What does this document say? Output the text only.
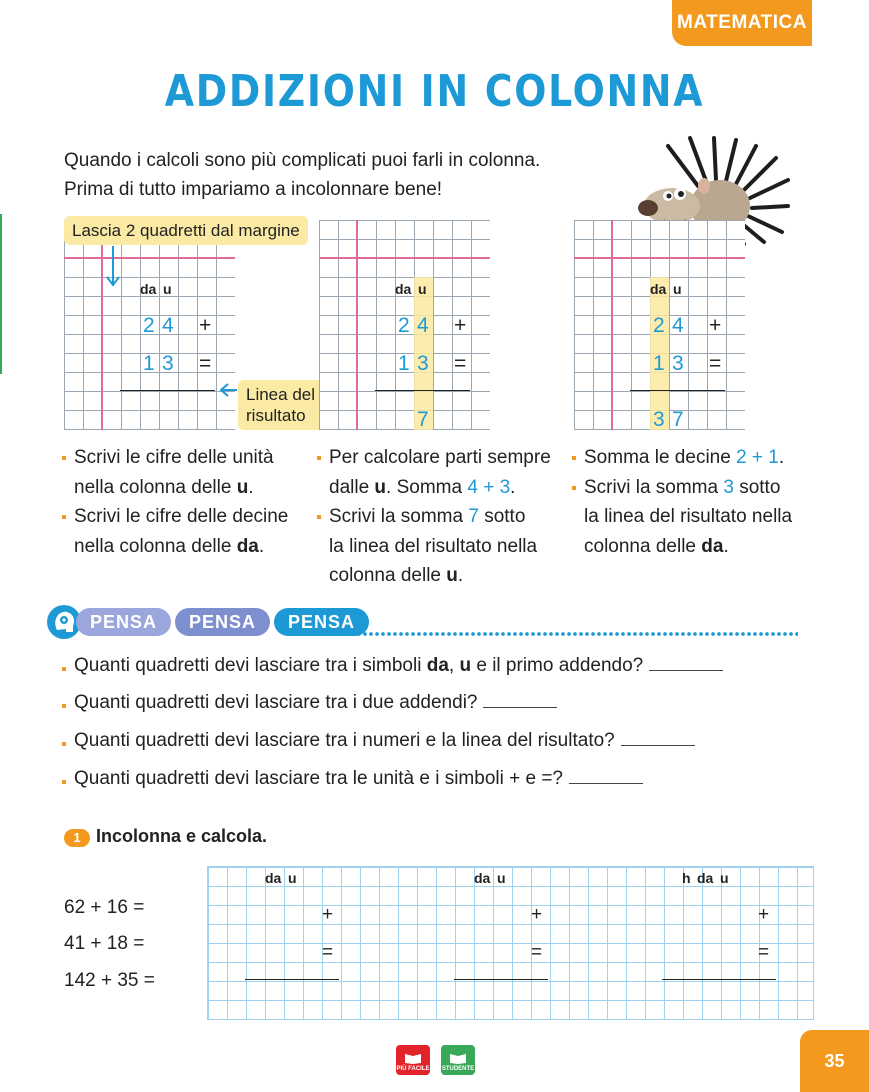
MATEMATICA
ADDIZIONI IN COLONNA
Quando i calcoli sono più complicati puoi farli in colonna.
Prima di tutto impariamo a incolonnare bene!
Lascia 2 quadretti dal margine
da u
2 4 +
1 3 =
Linea del
risultato
da u
2 4 +
1 3 =
7
da u
2 4 +
1 3 =
3 7
Scrivi le cifre delle unità
nella colonna delle u.
Scrivi le cifre delle decine
nella colonna delle da.
Per calcolare parti sempre
dalle u. Somma 4 + 3.
Scrivi la somma 7 sotto
la linea del risultato nella
colonna delle u.
Somma le decine 2 + 1.
Scrivi la somma 3 sotto
la linea del risultato nella
colonna delle da.
PENSA	PENSA	PENSA
Quanti quadretti devi lasciare tra i simboli da, u e il primo addendo?
Quanti quadretti devi lasciare tra i due addendi?
Quanti quadretti devi lasciare tra i numeri e la linea del risultato?
Quanti quadretti devi lasciare tra le unità e i simboli + e =?
1 Incolonna e calcola.
62 + 16 =
41 + 18 =
142 + 35 =
da u
+
=
da u
+
=
h da u
+
=
PIÙ FACILE STUDENTE	35
